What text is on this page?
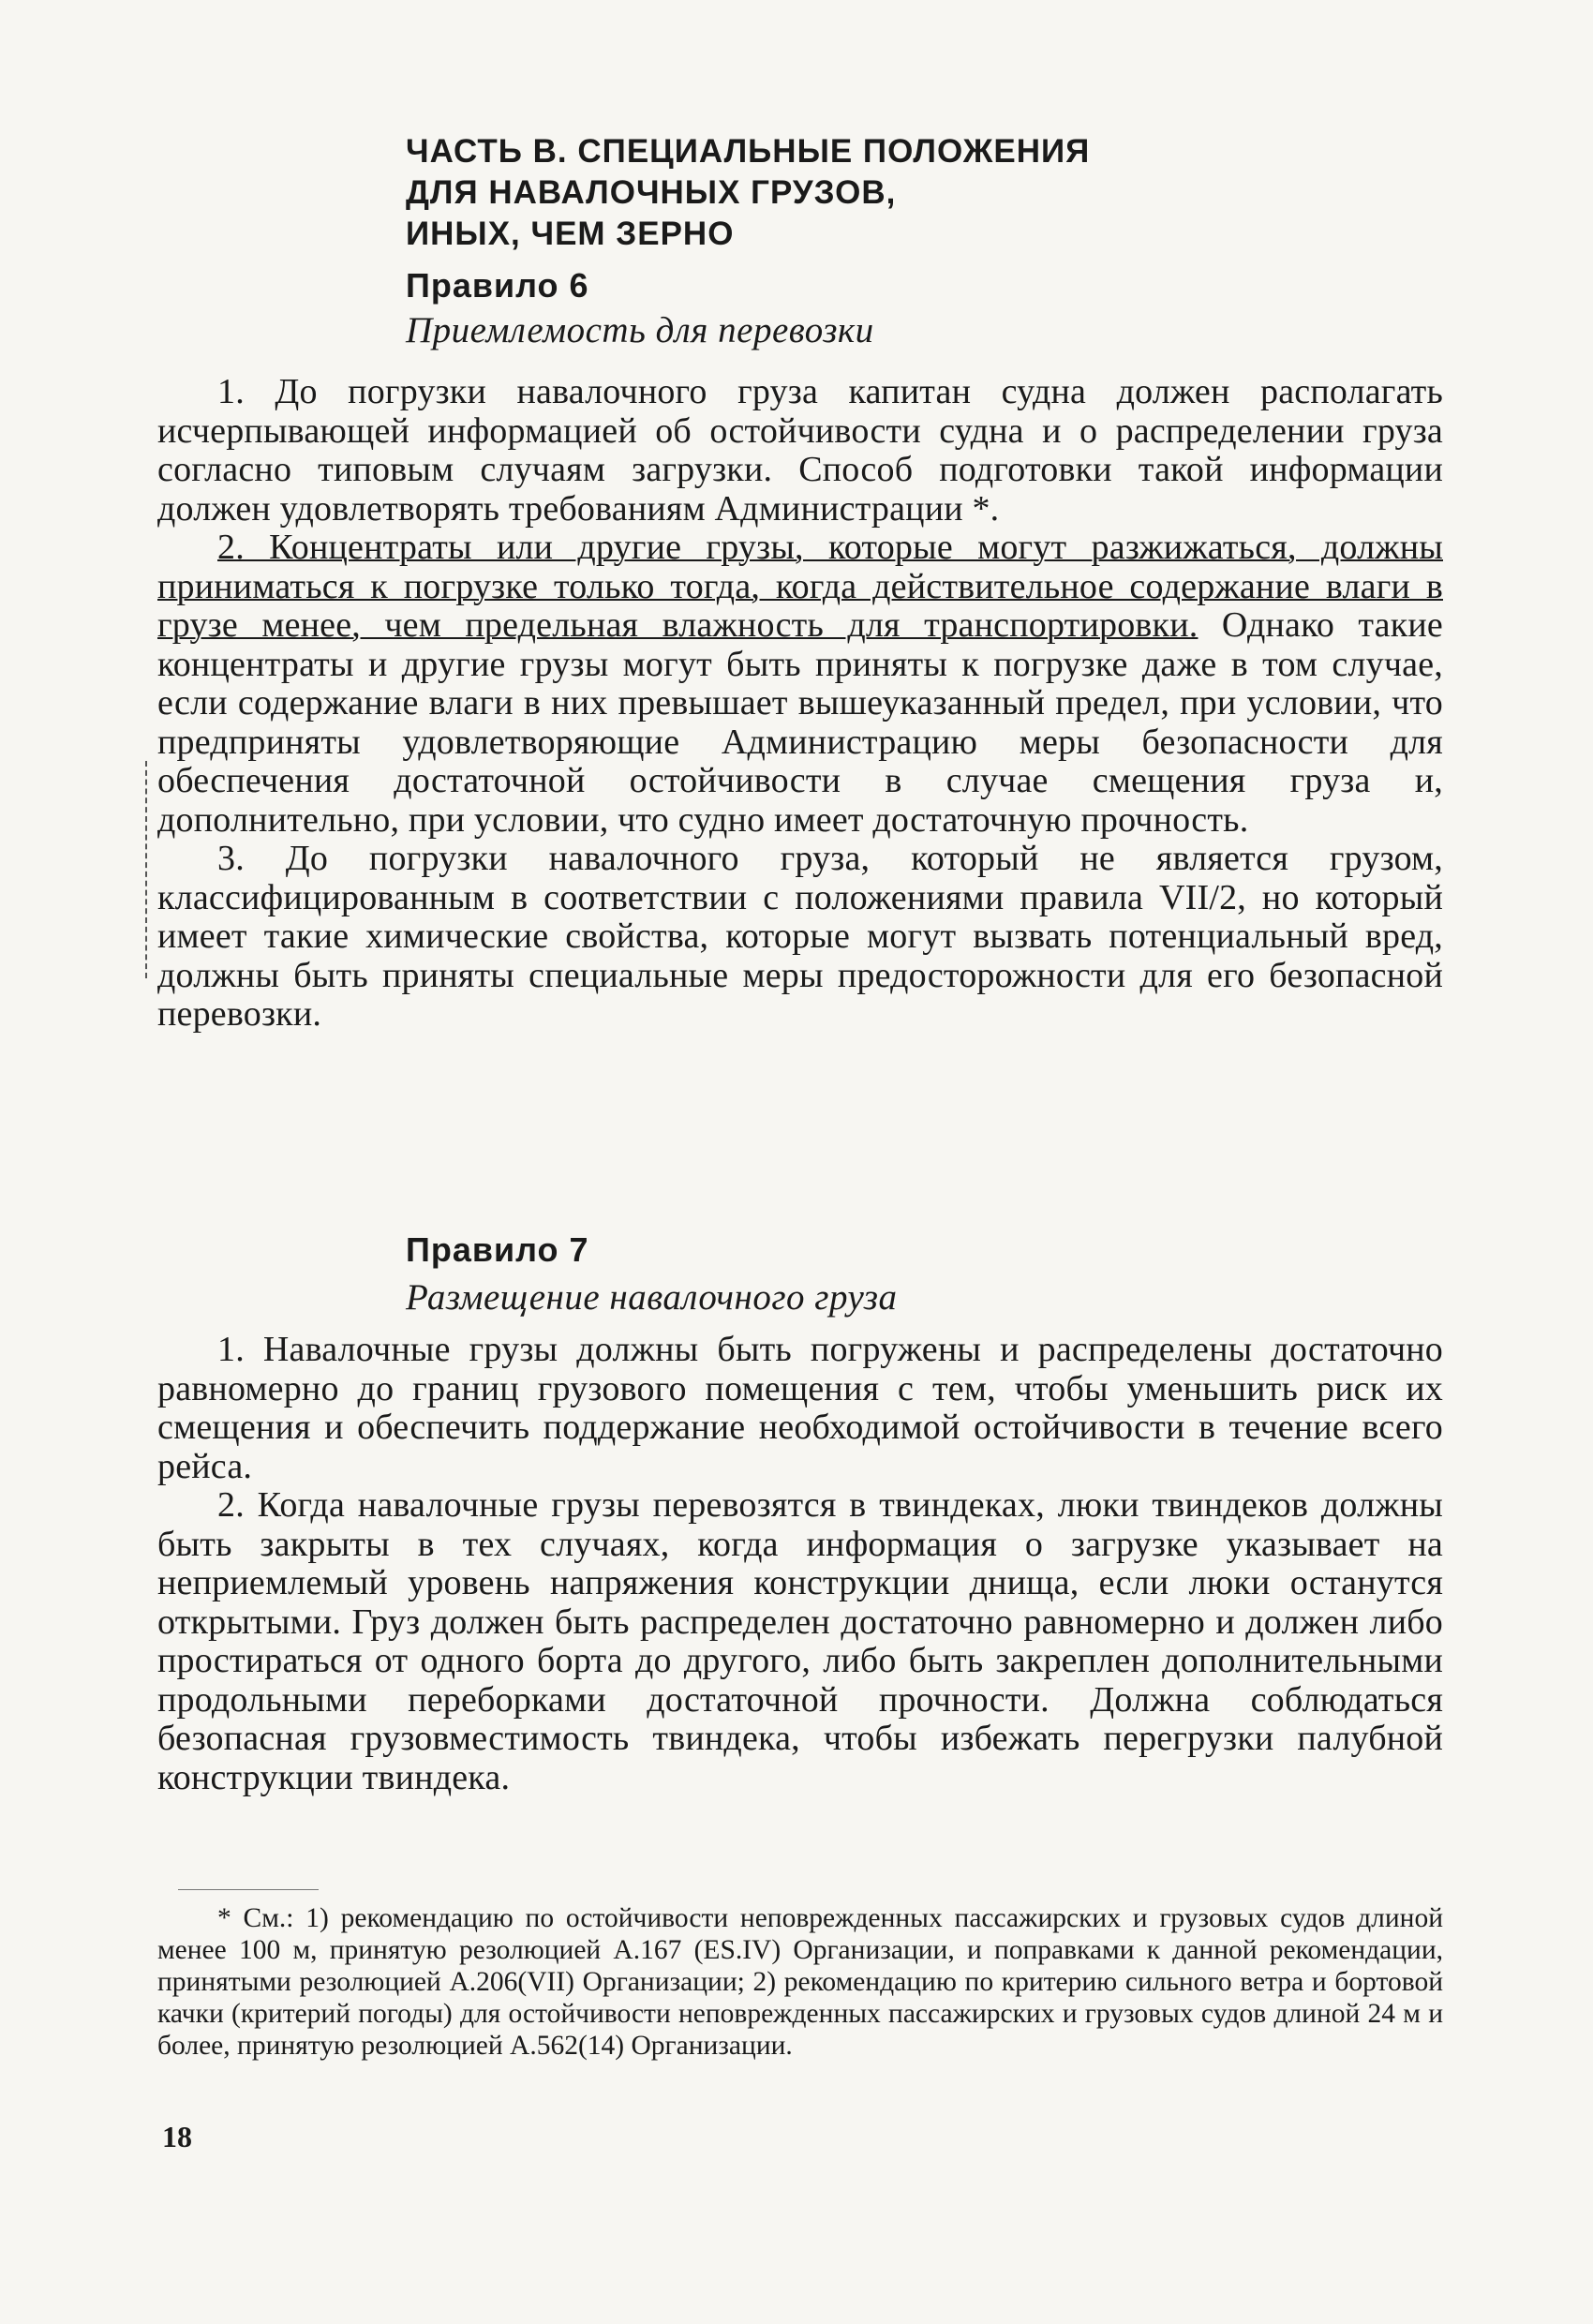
ЧАСТЬ B. СПЕЦИАЛЬНЫЕ ПОЛОЖЕНИЯ
ДЛЯ НАВАЛОЧНЫХ ГРУЗОВ,
ИНЫХ, ЧЕМ ЗЕРНО
Правило 6
Приемлемость для перевозки

1. До погрузки навалочного груза капитан судна должен располагать исчерпывающей информацией об остойчивости судна и о распределении груза согласно типовым случаям загрузки. Способ подготовки такой информации должен удовлетворять требованиям Администрации *.

2. Концентраты или другие грузы, которые могут разжижаться, должны приниматься к погрузке только тогда, когда действительное содержание влаги в грузе менее, чем предельная влажность для транспортировки. Однако такие концентраты и другие грузы могут быть приняты к погрузке даже в том случае, если содержание влаги в них превышает вышеуказанный предел, при условии, что предприняты удовлетворяющие Администрацию меры безопасности для обеспечения достаточной остойчивости в случае смещения груза и, дополнительно, при условии, что судно имеет достаточную прочность.

3. До погрузки навалочного груза, который не является грузом, классифицированным в соответствии с положениями правила VII/2, но который имеет такие химические свойства, которые могут вызвать потенциальный вред, должны быть приняты специальные меры предосторожности для его безопасной перевозки.

Правило 7
Размещение навалочного груза

1. Навалочные грузы должны быть погружены и распределены достаточно равномерно до границ грузового помещения с тем, чтобы уменьшить риск их смещения и обеспечить поддержание необходимой остойчивости в течение всего рейса.

2. Когда навалочные грузы перевозятся в твиндеках, люки твиндеков должны быть закрыты в тех случаях, когда информация о загрузке указывает на неприемлемый уровень напряжения конструкции днища, если люки останутся открытыми. Груз должен быть распределен достаточно равномерно и должен либо простираться от одного борта до другого, либо быть закреплен дополнительными продольными переборками достаточной прочности. Должна соблюдаться безопасная грузовместимость твиндека, чтобы избежать перегрузки палубной конструкции твиндека.

* См.: 1) рекомендацию по остойчивости неповрежденных пассажирских и грузовых судов длиной менее 100 м, принятую резолюцией А.167 (ES.IV) Организации, и поправками к данной рекомендации, принятыми резолюцией А.206(VII) Организации; 2) рекомендацию по критерию сильного ветра и бортовой качки (критерий погоды) для остойчивости неповрежденных пассажирских и грузовых судов длиной 24 м и более, принятую резолюцией А.562(14) Организации.
18
